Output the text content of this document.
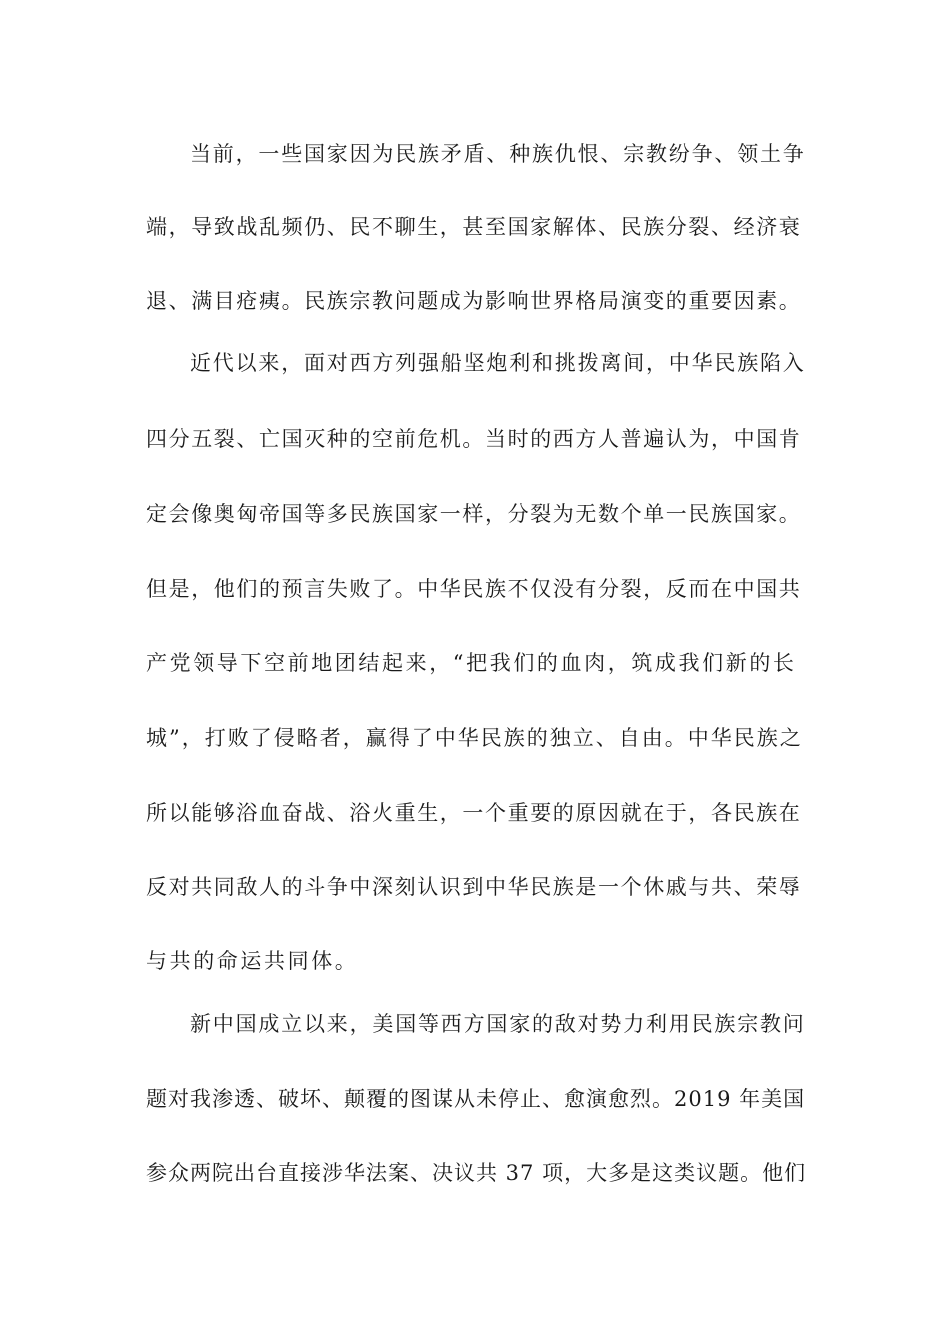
当前，一些国家因为民族矛盾、种族仇恨、宗教纷争、领土争
端，导致战乱频仍、民不聊生，甚至国家解体、民族分裂、经济衰
退、满目疮痍。民族宗教问题成为影响世界格局演变的重要因素。
近代以来，面对西方列强船坚炮利和挑拨离间，中华民族陷入
四分五裂、亡国灭种的空前危机。当时的西方人普遍认为，中国肯
定会像奥匈帝国等多民族国家一样，分裂为无数个单一民族国家。
但是，他们的预言失败了。中华民族不仅没有分裂，反而在中国共
产党领导下空前地团结起来，“把我们的血肉，筑成我们新的长
城”，打败了侵略者，赢得了中华民族的独立、自由。中华民族之
所以能够浴血奋战、浴火重生，一个重要的原因就在于，各民族在
反对共同敌人的斗争中深刻认识到中华民族是一个休戚与共、荣辱
与共的命运共同体。
新中国成立以来，美国等西方国家的敌对势力利用民族宗教问
题对我渗透、破坏、颠覆的图谋从未停止、愈演愈烈。2019 年美国
参众两院出台直接涉华法案、决议共 37 项，大多是这类议题。他们
